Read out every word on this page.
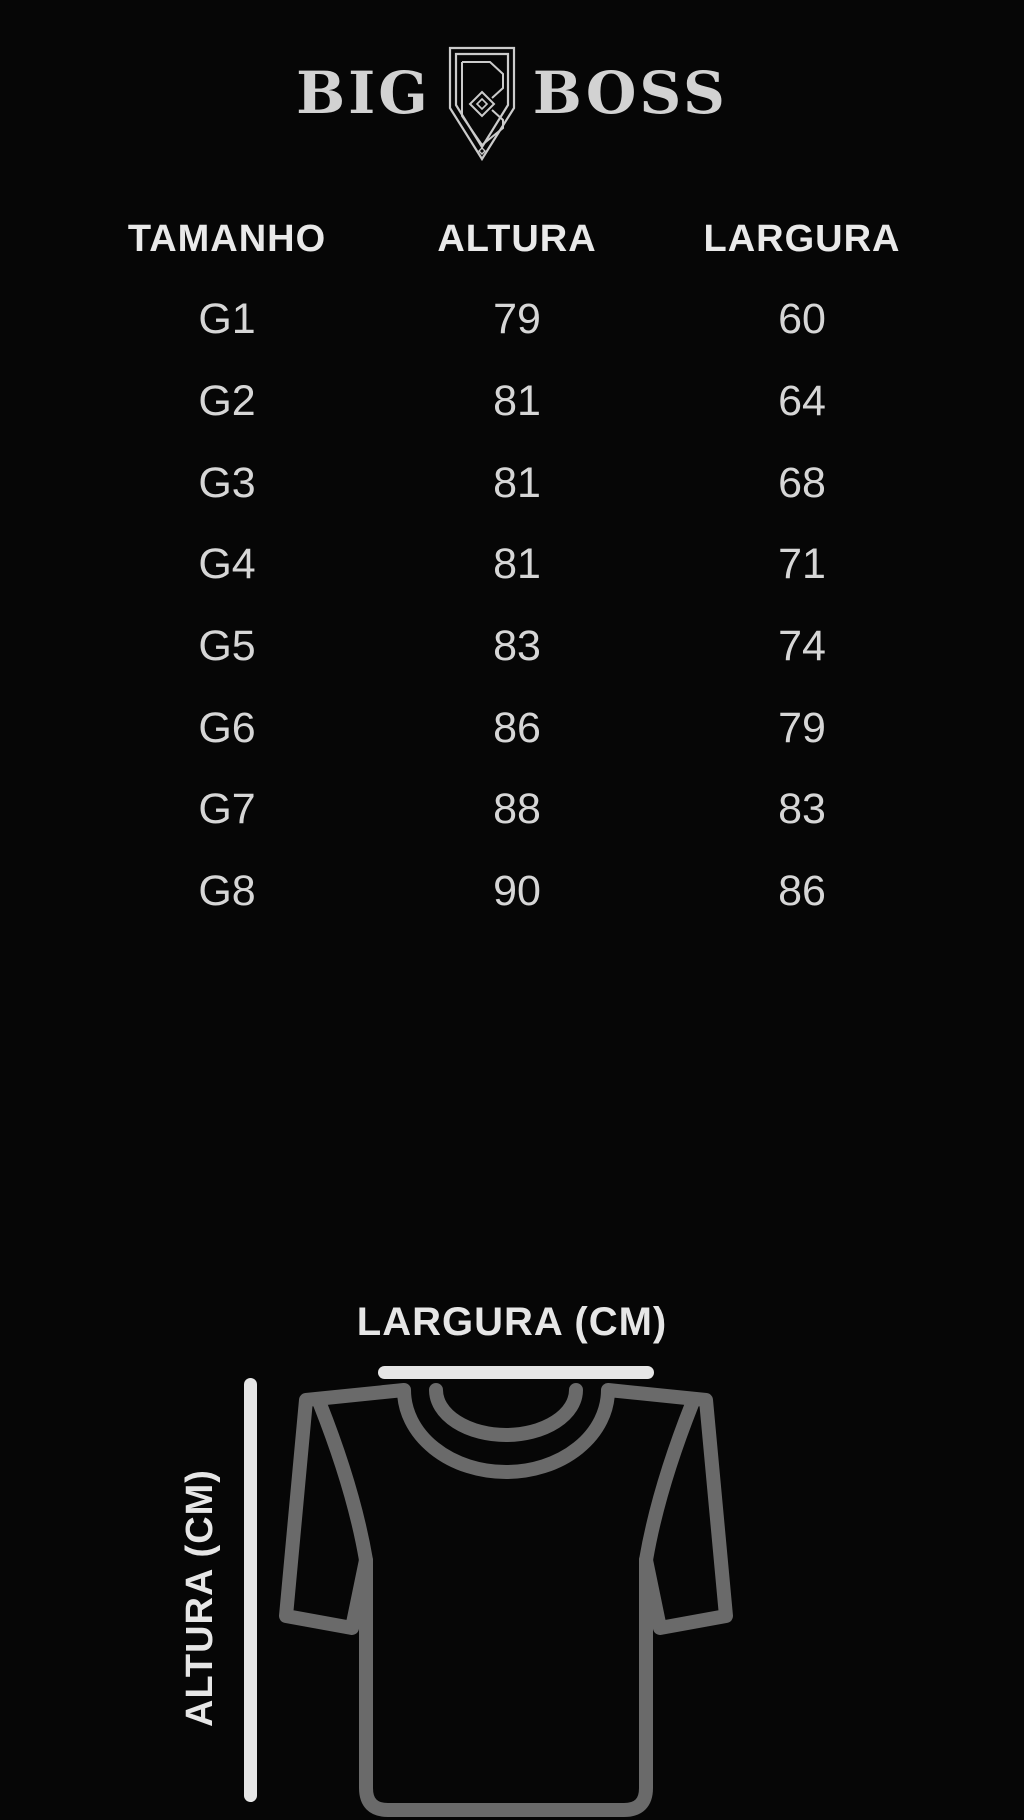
BIG BOSS
TAMANHO	ALTURA	LARGURA
G1	79	60
G2	81	64
G3	81	68
G4	81	71
G5	83	74
G6	86	79
G7	88	83
G8	90	86
LARGURA (CM)
ALTURA (CM)
